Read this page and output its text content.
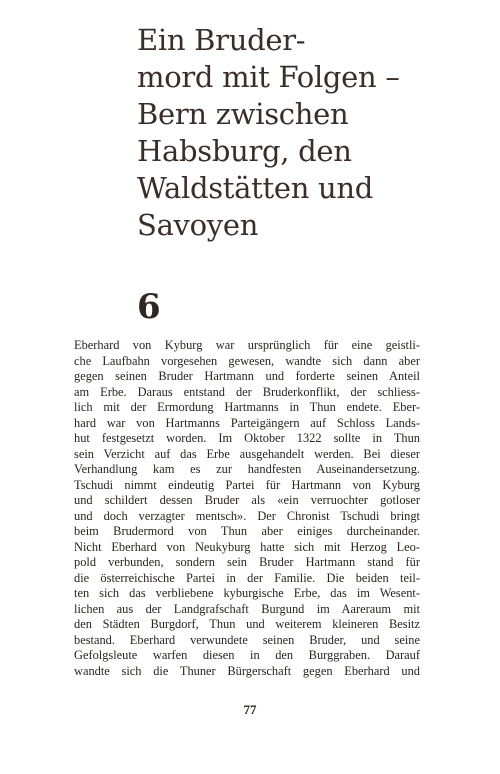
Ein Bruder-
mord mit Folgen –
Bern zwischen
Habsburg, den
Waldstätten und
Savoyen
6
Eberhard von Kyburg war ursprünglich für eine geistli-
che Laufbahn vorgesehen gewesen, wandte sich dann aber
gegen seinen Bruder Hartmann und forderte seinen Anteil
am Erbe. Daraus entstand der Bruderkonflikt, der schliess-
lich mit der Ermordung Hartmanns in Thun endete. Eber-
hard war von Hartmanns Parteigängern auf Schloss Lands-
hut festgesetzt worden. Im Oktober 1322 sollte in Thun
sein Verzicht auf das Erbe ausgehandelt werden. Bei dieser
Verhandlung kam es zur handfesten Auseinandersetzung.
Tschudi nimmt eindeutig Partei für Hartmann von Kyburg
und schildert dessen Bruder als «ein verruochter gotloser
und doch verzagter mentsch». Der Chronist Tschudi bringt
beim Brudermord von Thun aber einiges durcheinander.
Nicht Eberhard von Neukyburg hatte sich mit Herzog Leo-
pold verbunden, sondern sein Bruder Hartmann stand für
die österreichische Partei in der Familie. Die beiden teil-
ten sich das verbliebene kyburgische Erbe, das im Wesent-
lichen aus der Landgrafschaft Burgund im Aareraum mit
den Städten Burgdorf, Thun und weiterem kleineren Besitz
bestand. Eberhard verwundete seinen Bruder, und seine
Gefolgsleute warfen diesen in den Burggraben. Darauf
wandte sich die Thuner Bürgerschaft gegen Eberhard und
77
